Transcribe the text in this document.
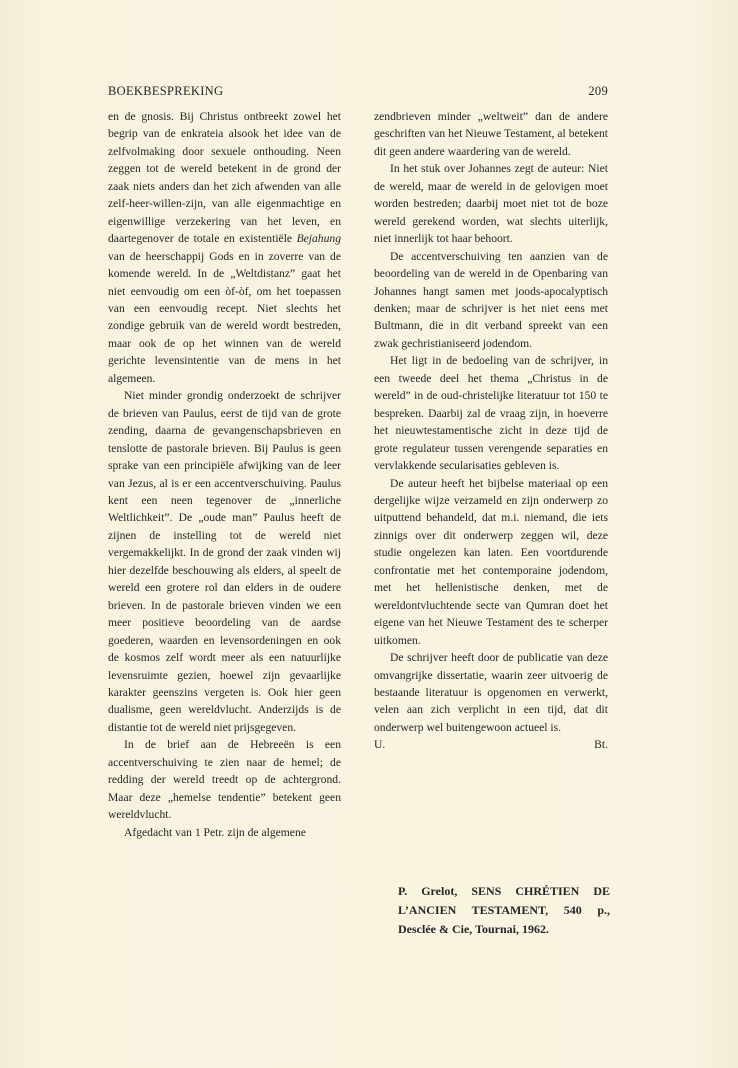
BOEKBESPREKING	209

en de gnosis. Bij Christus ontbreekt zowel het begrip van de enkrateia alsook het idee van de zelfvolmaking door sexuele onthouding. Neen zeggen tot de wereld betekent in de grond der zaak niets anders dan het zich afwenden van alle zelf-heer-willen-zijn, van alle eigenmachtige en eigenwillige verzekering van het leven, en daartegenover de totale en existentiële Bejahung van de heerschappij Gods en in zoverre van de komende wereld. In de „Weltdistanz” gaat het niet eenvoudig om een ὸf-ὸf, om het toepassen van een eenvoudig recept. Niet slechts het zondige gebruik van de wereld wordt bestreden, maar ook de op het winnen van de wereld gerichte levensintentie van de mens in het algemeen.

Niet minder grondig onderzoekt de schrijver de brieven van Paulus, eerst de tijd van de grote zending, daarna de gevangenschapsbrieven en tenslotte de pastorale brieven. Bij Paulus is geen sprake van een principiële afwijking van de leer van Jezus, al is er een accentverschuiving. Paulus kent een neen tegenover de „innerliche Weltlichkeit”. De „oude man” Paulus heeft de zijnen de instelling tot de wereld niet vergemakkelijkt. In de grond der zaak vinden wij hier dezelfde beschouwing als elders, al speelt de wereld een grotere rol dan elders in de oudere brieven. In de pastorale brieven vinden we een meer positieve beoordeling van de aardse goederen, waarden en levensordeningen en ook de kosmos zelf wordt meer als een natuurlijke levensruimte gezien, hoewel zijn gevaarlijke karakter geenszins vergeten is. Ook hier geen dualisme, geen wereldvlucht. Anderzijds is de distantie tot de wereld niet prijsgegeven.

In de brief aan de Hebreeën is een accentverschuiving te zien naar de hemel; de redding der wereld treedt op de achtergrond. Maar deze „hemelse tendentie” betekent geen wereldvlucht.

Afgedacht van 1 Petr. zijn de algemene

zendbrieven minder „weltweit” dan de andere geschriften van het Nieuwe Testament, al betekent dit geen andere waardering van de wereld.

In het stuk over Johannes zegt de auteur: Niet de wereld, maar de wereld in de gelovigen moet worden bestreden; daarbij moet niet tot de boze wereld gerekend worden, wat slechts uiterlijk, niet innerlijk tot haar behoort.

De accentverschuiving ten aanzien van de beoordeling van de wereld in de Openbaring van Johannes hangt samen met joods-apocalyptisch denken; maar de schrijver is het niet eens met Bultmann, die in dit verband spreekt van een zwak gechristianiseerd jodendom.

Het ligt in de bedoeling van de schrijver, in een tweede deel het thema „Christus in de wereld” in de oud-christelijke literatuur tot 150 te bespreken. Daarbij zal de vraag zijn, in hoeverre het nieuwtestamentische zicht in deze tijd de grote regulateur tussen verengende separaties en vervlakkende secularisaties gebleven is.

De auteur heeft het bijbelse materiaal op een dergelijke wijze verzameld en zijn onderwerp zo uitputtend behandeld, dat m.i. niemand, die iets zinnigs over dit onderwerp zeggen wil, deze studie ongelezen kan laten. Een voortdurende confrontatie met het contemporaine jodendom, met het hellenistische denken, met de wereldontvluchtende secte van Qumran doet het eigene van het Nieuwe Testament des te scherper uitkomen.

De schrijver heeft door de publicatie van deze omvangrijke dissertatie, waarin zeer uitvoerig de bestaande literatuur is opgenomen en verwerkt, velen aan zich verplicht in een tijd, dat dit onderwerp wel buitengewoon actueel is.

U.	Bt.
P. Grelot, SENS CHRÉTIEN DE L’ANCIEN TESTAMENT, 540 p., Desclée & Cie, Tournai, 1962.
